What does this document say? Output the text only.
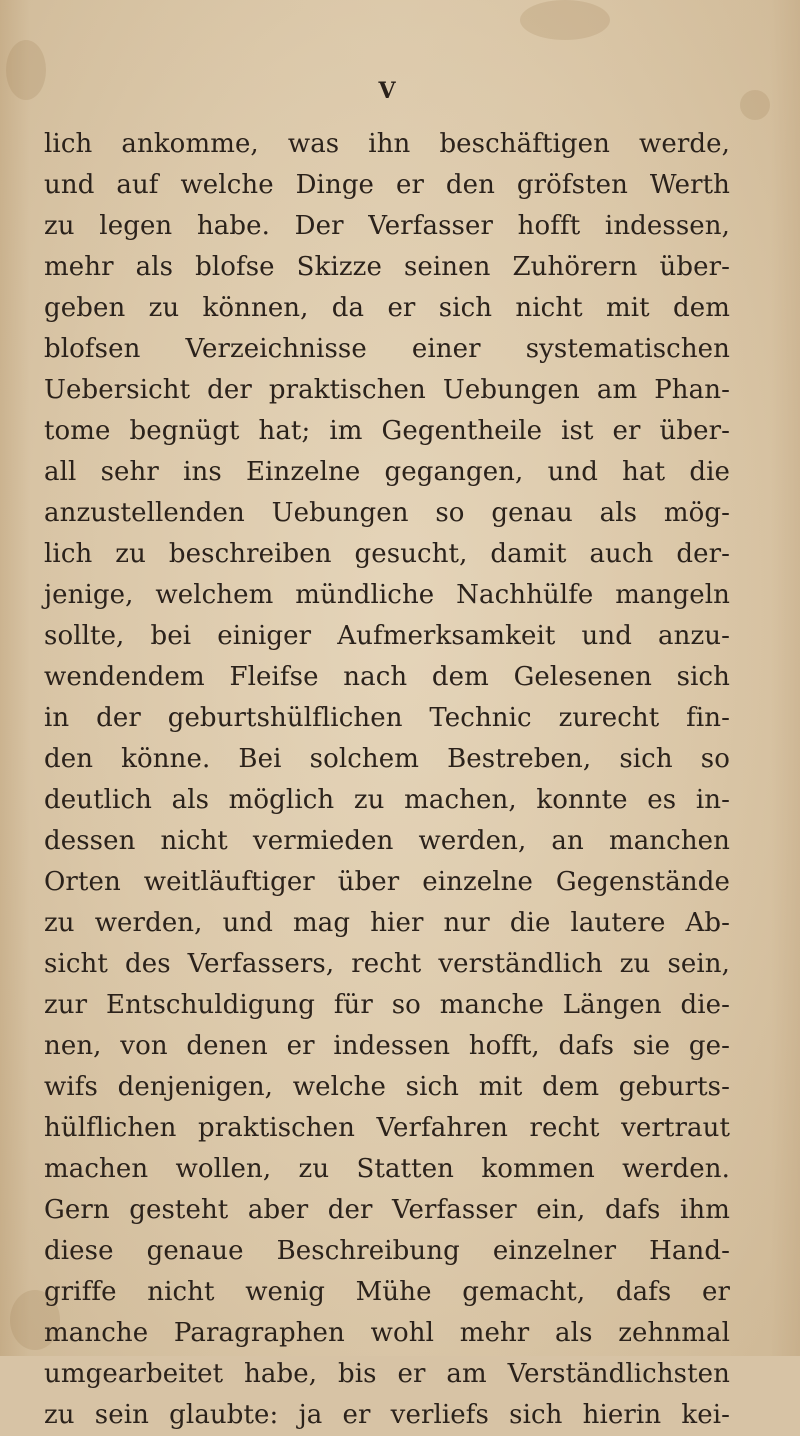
V
lich ankomme, was ihn beschäftigen werde,
und auf welche Dinge er den gröfsten Werth
zu legen habe. Der Verfasser hofft indessen,
mehr als blofse Skizze seinen Zuhörern über-
geben zu können, da er sich nicht mit dem
blofsen Verzeichnisse einer systematischen
Uebersicht der praktischen Uebungen am Phan-
tome begnügt hat; im Gegentheile ist er über-
all sehr ins Einzelne gegangen, und hat die
anzustellenden Uebungen so genau als mög-
lich zu beschreiben gesucht, damit auch der-
jenige, welchem mündliche Nachhülfe mangeln
sollte, bei einiger Aufmerksamkeit und anzu-
wendendem Fleifse nach dem Gelesenen sich
in der geburtshülflichen Technic zurecht fin-
den könne. Bei solchem Bestreben, sich so
deutlich als möglich zu machen, konnte es in-
dessen nicht vermieden werden, an manchen
Orten weitläuftiger über einzelne Gegenstände
zu werden, und mag hier nur die lautere Ab-
sicht des Verfassers, recht verständlich zu sein,
zur Entschuldigung für so manche Längen die-
nen, von denen er indessen hofft, dafs sie ge-
wifs denjenigen, welche sich mit dem geburts-
hülflichen praktischen Verfahren recht vertraut
machen wollen, zu Statten kommen werden.
Gern gesteht aber der Verfasser ein, dafs ihm
diese genaue Beschreibung einzelner Hand-
griffe nicht wenig Mühe gemacht, dafs er
manche Paragraphen wohl mehr als zehnmal
umgearbeitet habe, bis er am Verständlichsten
zu sein glaubte: ja er verliefs sich hierin kei-
